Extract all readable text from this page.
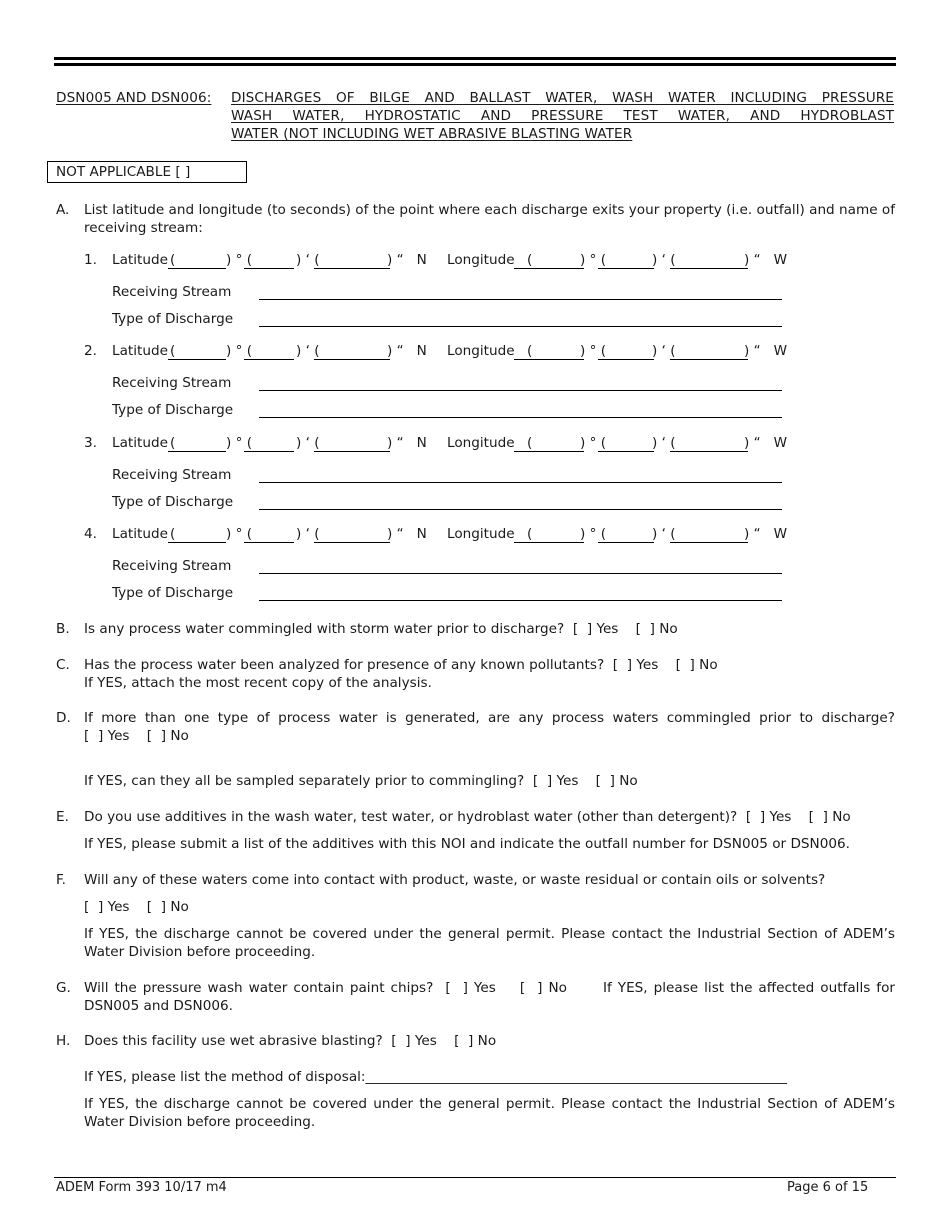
DSN005 AND DSN006: DISCHARGES OF BILGE AND BALLAST WATER, WASH WATER INCLUDING PRESSURE
WASH WATER, HYDROSTATIC AND PRESSURE TEST WATER, AND HYDROBLAST
WATER (NOT INCLUDING WET ABRASIVE BLASTING WATER
NOT APPLICABLE [ ]
A. List latitude and longitude (to seconds) of the point where each discharge exits your property (i.e. outfall) and name of receiving stream:
1. Latitude (	) ° (	) ‘ (	) “   N Longitude (	) ° (	) ‘ (	) “   W
Receiving Stream
Type of Discharge
2. Latitude (	) ° (	) ‘ (	) “   N Longitude (	) ° (	) ‘ (	) “   W
Receiving Stream
Type of Discharge
3. Latitude (	) ° (	) ‘ (	) “   N Longitude (	) ° (	) ‘ (	) “   W
Receiving Stream
Type of Discharge
4. Latitude (	) ° (	) ‘ (	) “   N Longitude (	) ° (	) ‘ (	) “   W
Receiving Stream
Type of Discharge
B. Is any process water commingled with storm water prior to discharge?  [  ] Yes    [  ] No
C. Has the process water been analyzed for presence of any known pollutants?  [  ] Yes    [  ] No
If YES, attach the most recent copy of the analysis.
D. If more than one type of process water is generated, are any process waters commingled prior to discharge?
[  ] Yes    [  ] No
If YES, can they all be sampled separately prior to commingling?  [  ] Yes    [  ] No
E. Do you use additives in the wash water, test water, or hydroblast water (other than detergent)?  [  ] Yes    [  ] No
If YES, please submit a list of the additives with this NOI and indicate the outfall number for DSN005 or DSN006.
F. Will any of these waters come into contact with product, waste, or waste residual or contain oils or solvents?
[  ] Yes    [  ] No
If YES, the discharge cannot be covered under the general permit. Please contact the Industrial Section of ADEM’s Water Division before proceeding.
G. Will the pressure wash water contain paint chips?  [  ] Yes    [  ] No      If YES, please list the affected outfalls for DSN005 and DSN006.
H. Does this facility use wet abrasive blasting?  [  ] Yes    [  ] No
If YES, please list the method of disposal:______________________________________________________________
If YES, the discharge cannot be covered under the general permit. Please contact the Industrial Section of ADEM’s Water Division before proceeding.
ADEM Form 393 10/17 m4	Page 6 of 15
